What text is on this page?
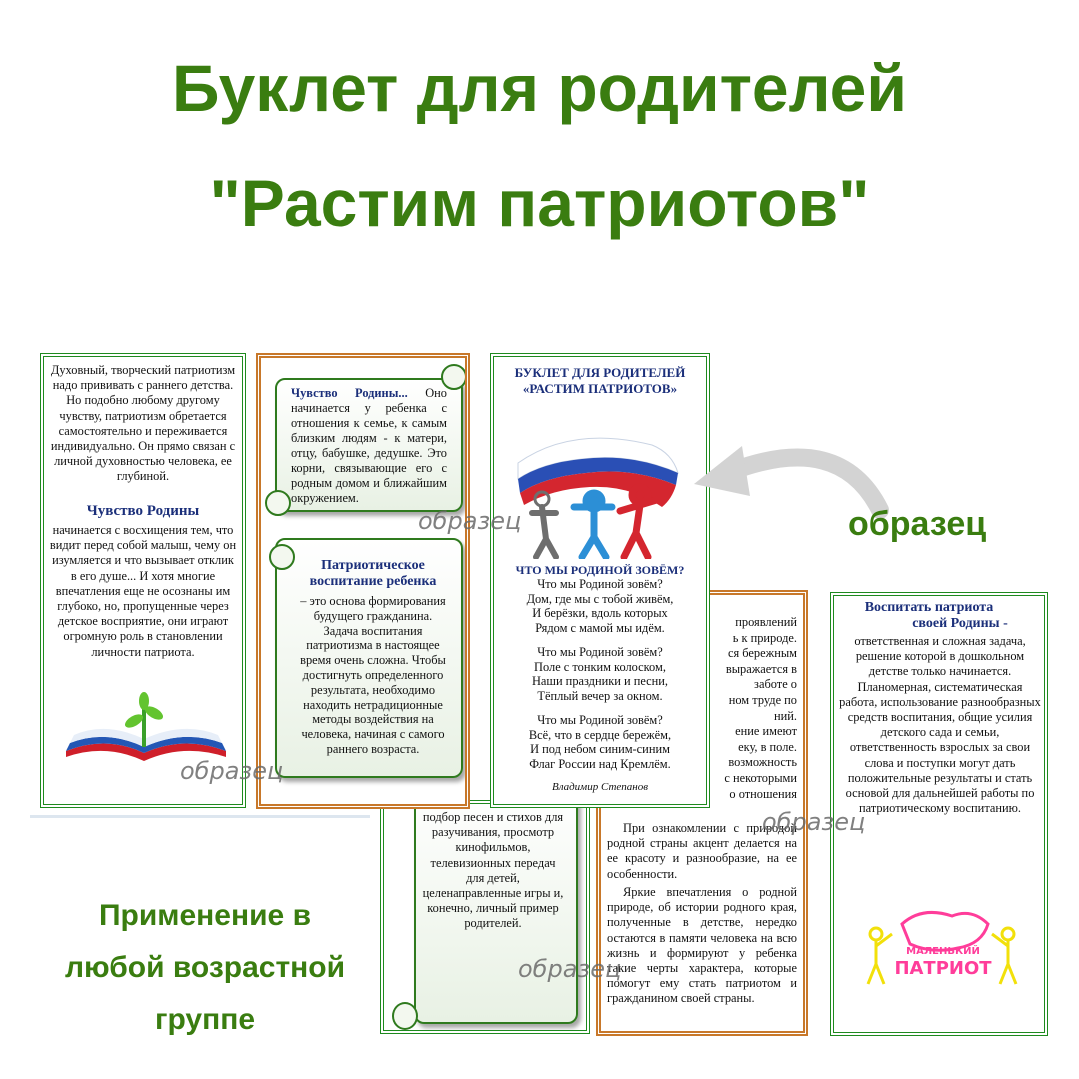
Буклет для родителей
"Растим патриотов"
подбор песен и стихов для разучивания, просмотр кинофильмов, телевизионных передач для детей, целенаправленные игры и, конечно, личный пример родителей.
проявлений
ь к природе.
ся бережным
выражается в
заботе о
ном труде по
ний.
ение имеют
еку, в поле.
возможность
с некоторыми
о отношения
При ознакомлении с природой родной страны акцент делается на ее красоту и разнообразие, на ее особенности.
Яркие впечатления о родной природе, об истории родного края, полученные в детстве, нередко остаются в памяти человека на всю жизнь и формируют у ребенка такие черты характера, которые помогут ему стать патриотом и гражданином своей страны.
Воспитать патриота
своей Родины -
ответственная и сложная задача, решение которой в дошкольном детстве только начинается. Планомерная, систематическая работа, использование разнообразных средств воспитания, общие усилия детского сада и семьи, ответственность взрослых за свои слова и поступки могут дать положительные результаты и стать основой для дальнейшей работы по патриотическому воспитанию.
МАЛЕНЬКИЙ
ПАТРИОТ
Применение в
любой возрастной
группе
Духовный, творческий патриотизм надо прививать с раннего детства. Но подобно любому другому чувству, патриотизм обретается самостоятельно и переживается индивидуально. Он прямо связан с личной духовностью человека, ее глубиной.
Чувство Родины
начинается с восхищения тем, что видит перед собой малыш, чему он изумляется и что вызывает отклик в его душе... И хотя многие впечатления еще не осознаны им глубоко, но, пропущенные через детское восприятие, они играют огромную роль в становлении личности патриота.
Чувство Родины... Оно начинается у ребенка с отношения к семье, к самым близким людям - к матери, отцу, бабушке, дедушке. Это корни, связывающие его с родным домом и ближайшим окружением.
Патриотическое воспитание ребенка
– это основа формирования будущего гражданина. Задача воспитания патриотизма в настоящее время очень сложна. Чтобы достигнуть определенного результата, необходимо находить нетрадиционные методы воздействия на человека, начиная с самого раннего возраста.
БУКЛЕТ ДЛЯ РОДИТЕЛЕЙ
«РАСТИМ ПАТРИОТОВ»
ЧТО МЫ РОДИНОЙ ЗОВЁМ?
Что мы Родиной зовём?
Дом, где мы с тобой живём,
И берёзки, вдоль которых
Рядом с мамой мы идём.
Что мы Родиной зовём?
Поле с тонким колоском,
Наши праздники и песни,
Тёплый вечер за окном.
Что мы Родиной зовём?
Всё, что в сердце бережём,
И под небом синим-синим
Флаг России над Кремлём.
Владимир Степанов
образец
образец
образец
образец
образец
